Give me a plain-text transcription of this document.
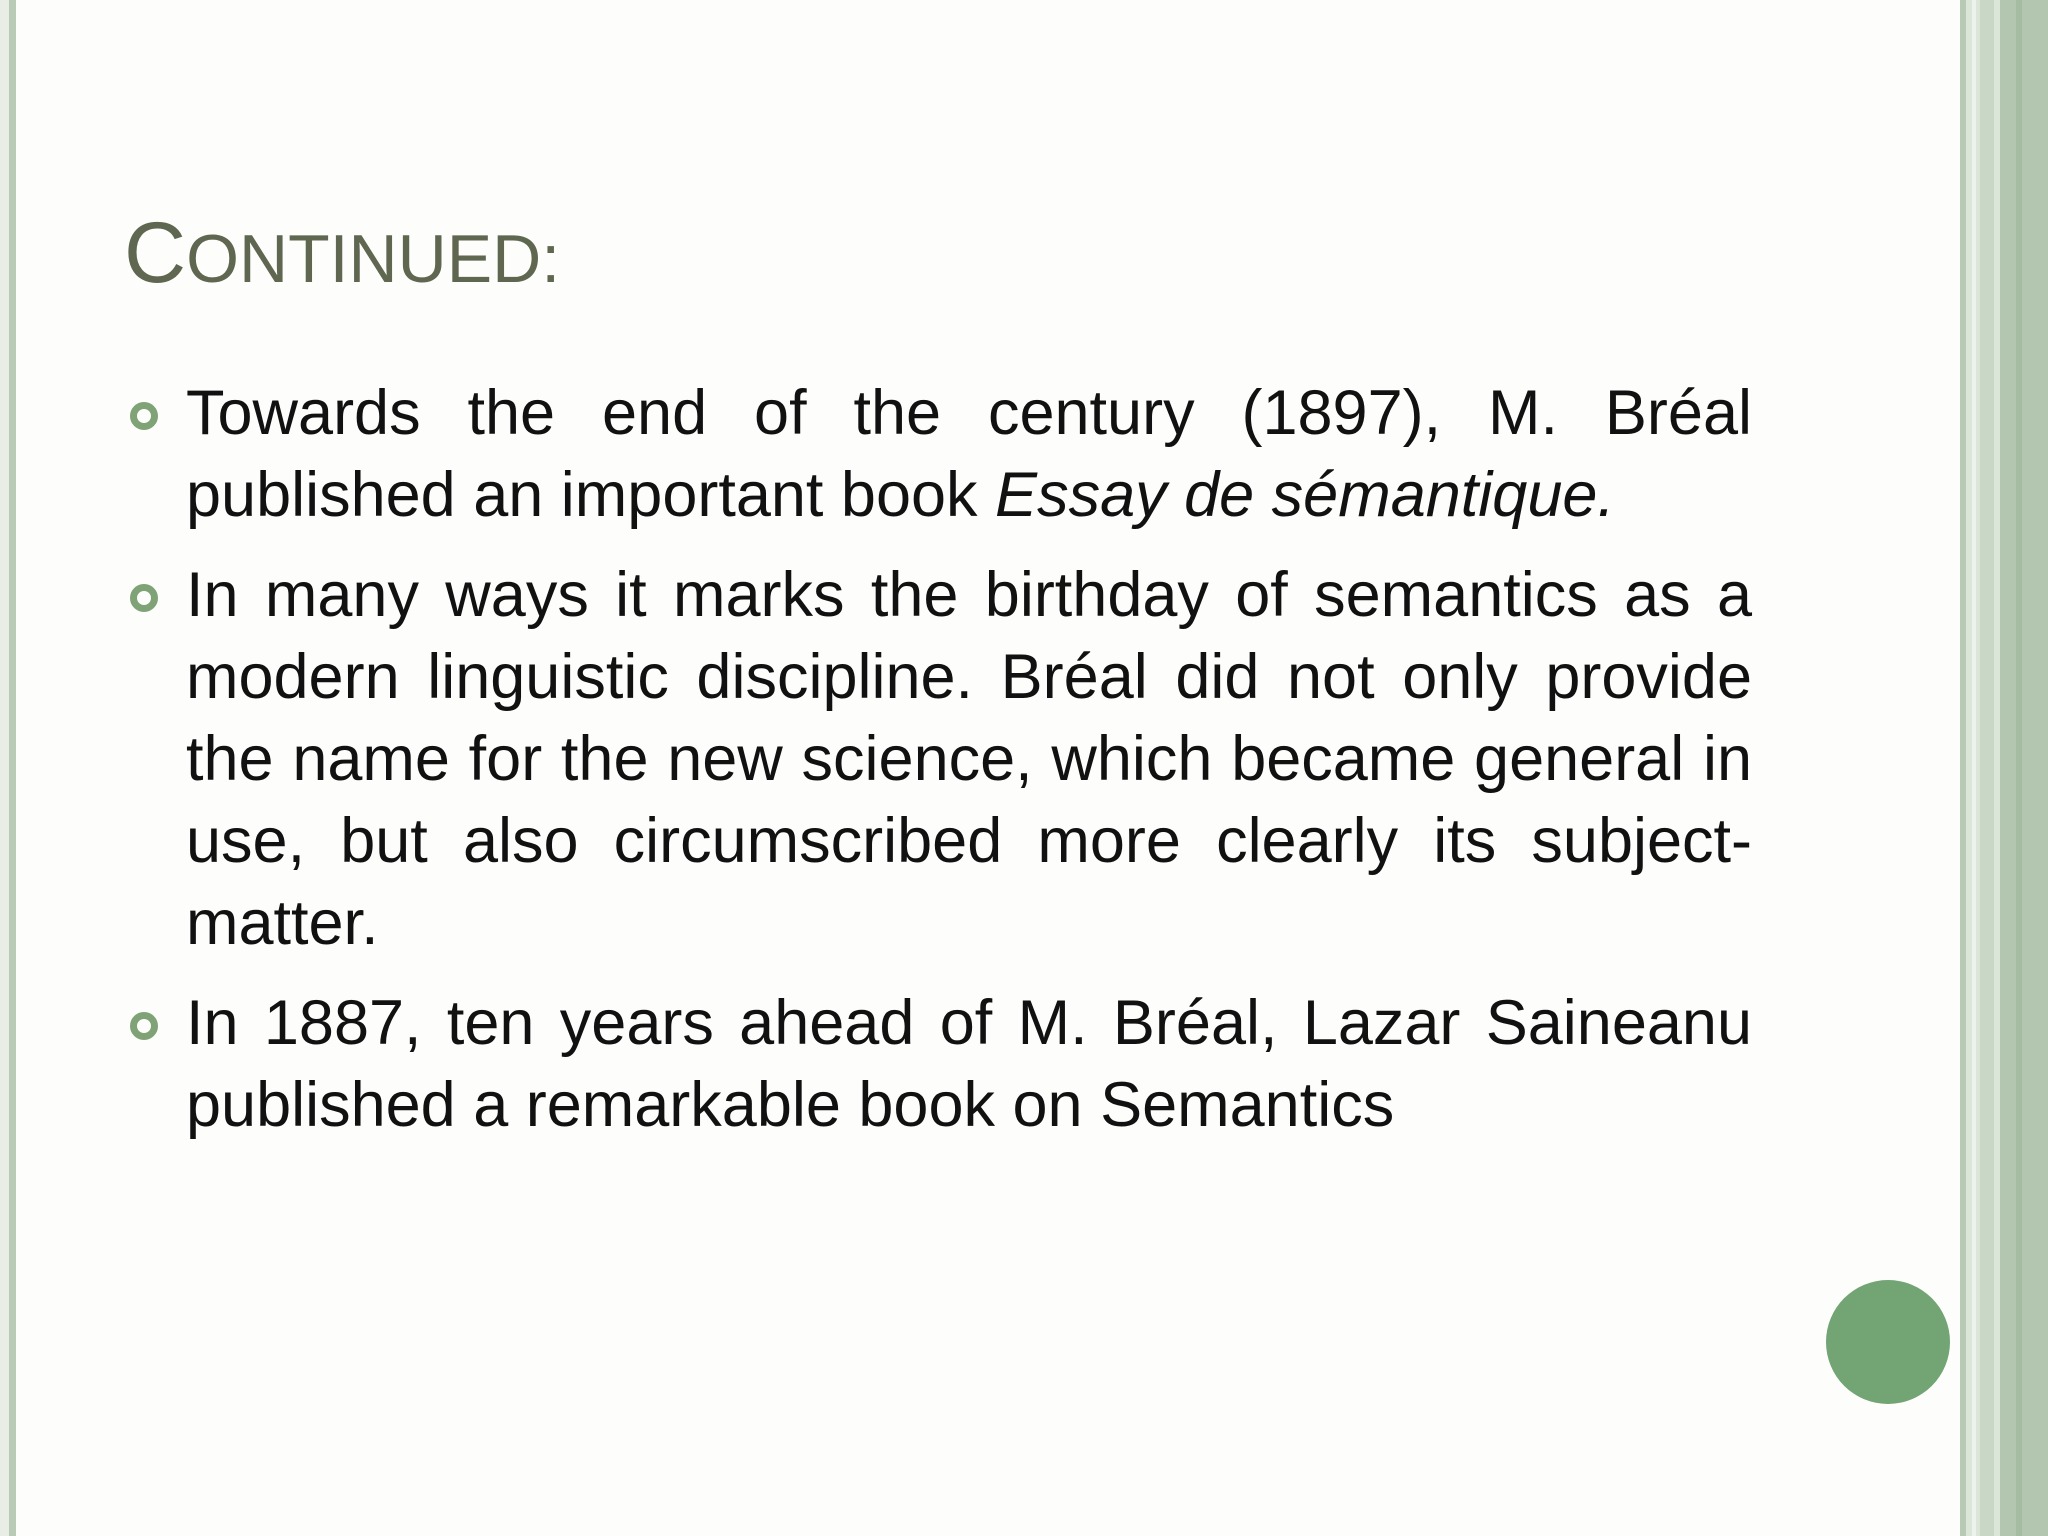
CONTINUED:
Towards the end of the century (1897), M. Bréal published an important book Essay de sémantique.
In many ways it marks the birthday of semantics as a modern linguistic discipline. Bréal did not only provide the name for the new science, which became general in use, but also circumscribed more clearly its subject-matter.
In 1887, ten years ahead of M. Bréal, Lazar Saineanu published a remarkable book on Semantics
